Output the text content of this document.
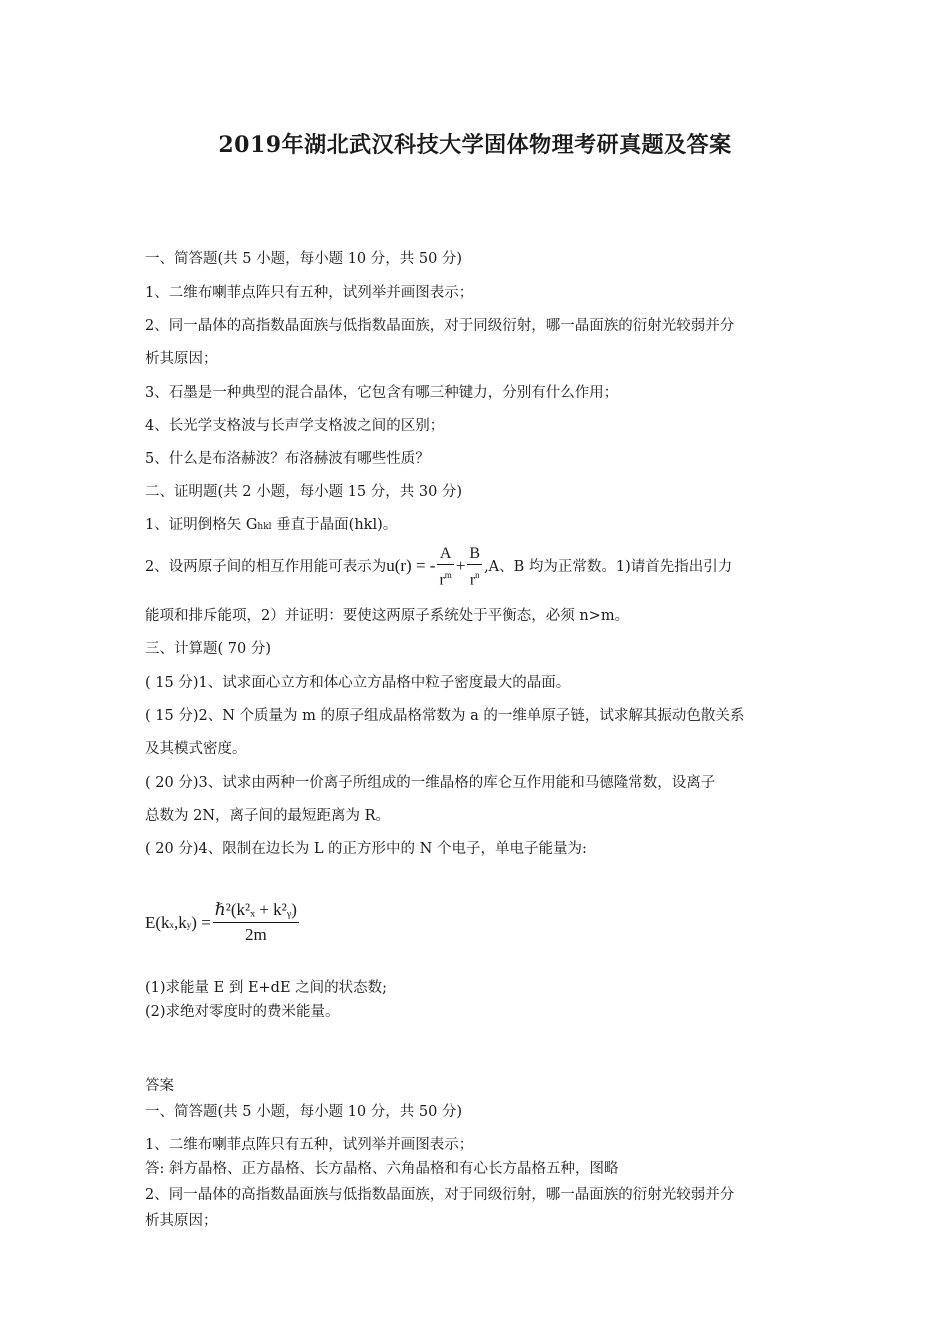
2019年湖北武汉科技大学固体物理考研真题及答案
一、简答题(共 5 小题，每小题 10 分，共 50 分)
1、二维布喇菲点阵只有五种，试列举并画图表示；
2、同一晶体的高指数晶面族与低指数晶面族，对于同级衍射，哪一晶面族的衍射光较弱并分
析其原因；
3、石墨是一种典型的混合晶体，它包含有哪三种键力，分别有什么作用；
4、长光学支格波与长声学支格波之间的区别；
5、什么是布洛赫波？布洛赫波有哪些性质？
二、证明题(共 2 小题，每小题 15 分，共 30 分)
1、证明倒格矢 Ghkl 垂直于晶面(hkl)。
2、设两原子间的相互作用能可表示为u(r) = - $\frac{A}{r^m} + \frac{B}{r^n} ,A$、B 均为正常数。1)请首先指出引力
能项和排斥能项，2）并证明：要使这两原子系统处于平衡态，必须 n>m。
三、计算题( 70 分)
( 15 分)1、试求面心立方和体心立方晶格中粒子密度最大的晶面。
( 15 分)2、N 个质量为 m 的原子组成晶格常数为 a 的一维单原子链，试求解其振动色散关系
及其模式密度。
( 20 分)3、试求由两种一价离子所组成的一维晶格的库仑互作用能和马德隆常数，设离子
总数为 2N，离子间的最短距离为 R。
( 20 分)4、限制在边长为 L 的正方形中的 N 个电子，单电子能量为:
$E(kx,ky) = \frac{\text{ℏ²(k²ₓ + k²ᵧ)}}{2m}$
(1)求能量 E 到 E+dE 之间的状态数;
(2)求绝对零度时的费米能量。
答案
一、简答题(共 5 小题，每小题 10 分，共 50 分)
1、二维布喇菲点阵只有五种，试列举并画图表示；
答: 斜方晶格、正方晶格、长方晶格、六角晶格和有心长方晶格五种，图略
2、同一晶体的高指数晶面族与低指数晶面族，对于同级衍射，哪一晶面族的衍射光较弱并分
析其原因；
